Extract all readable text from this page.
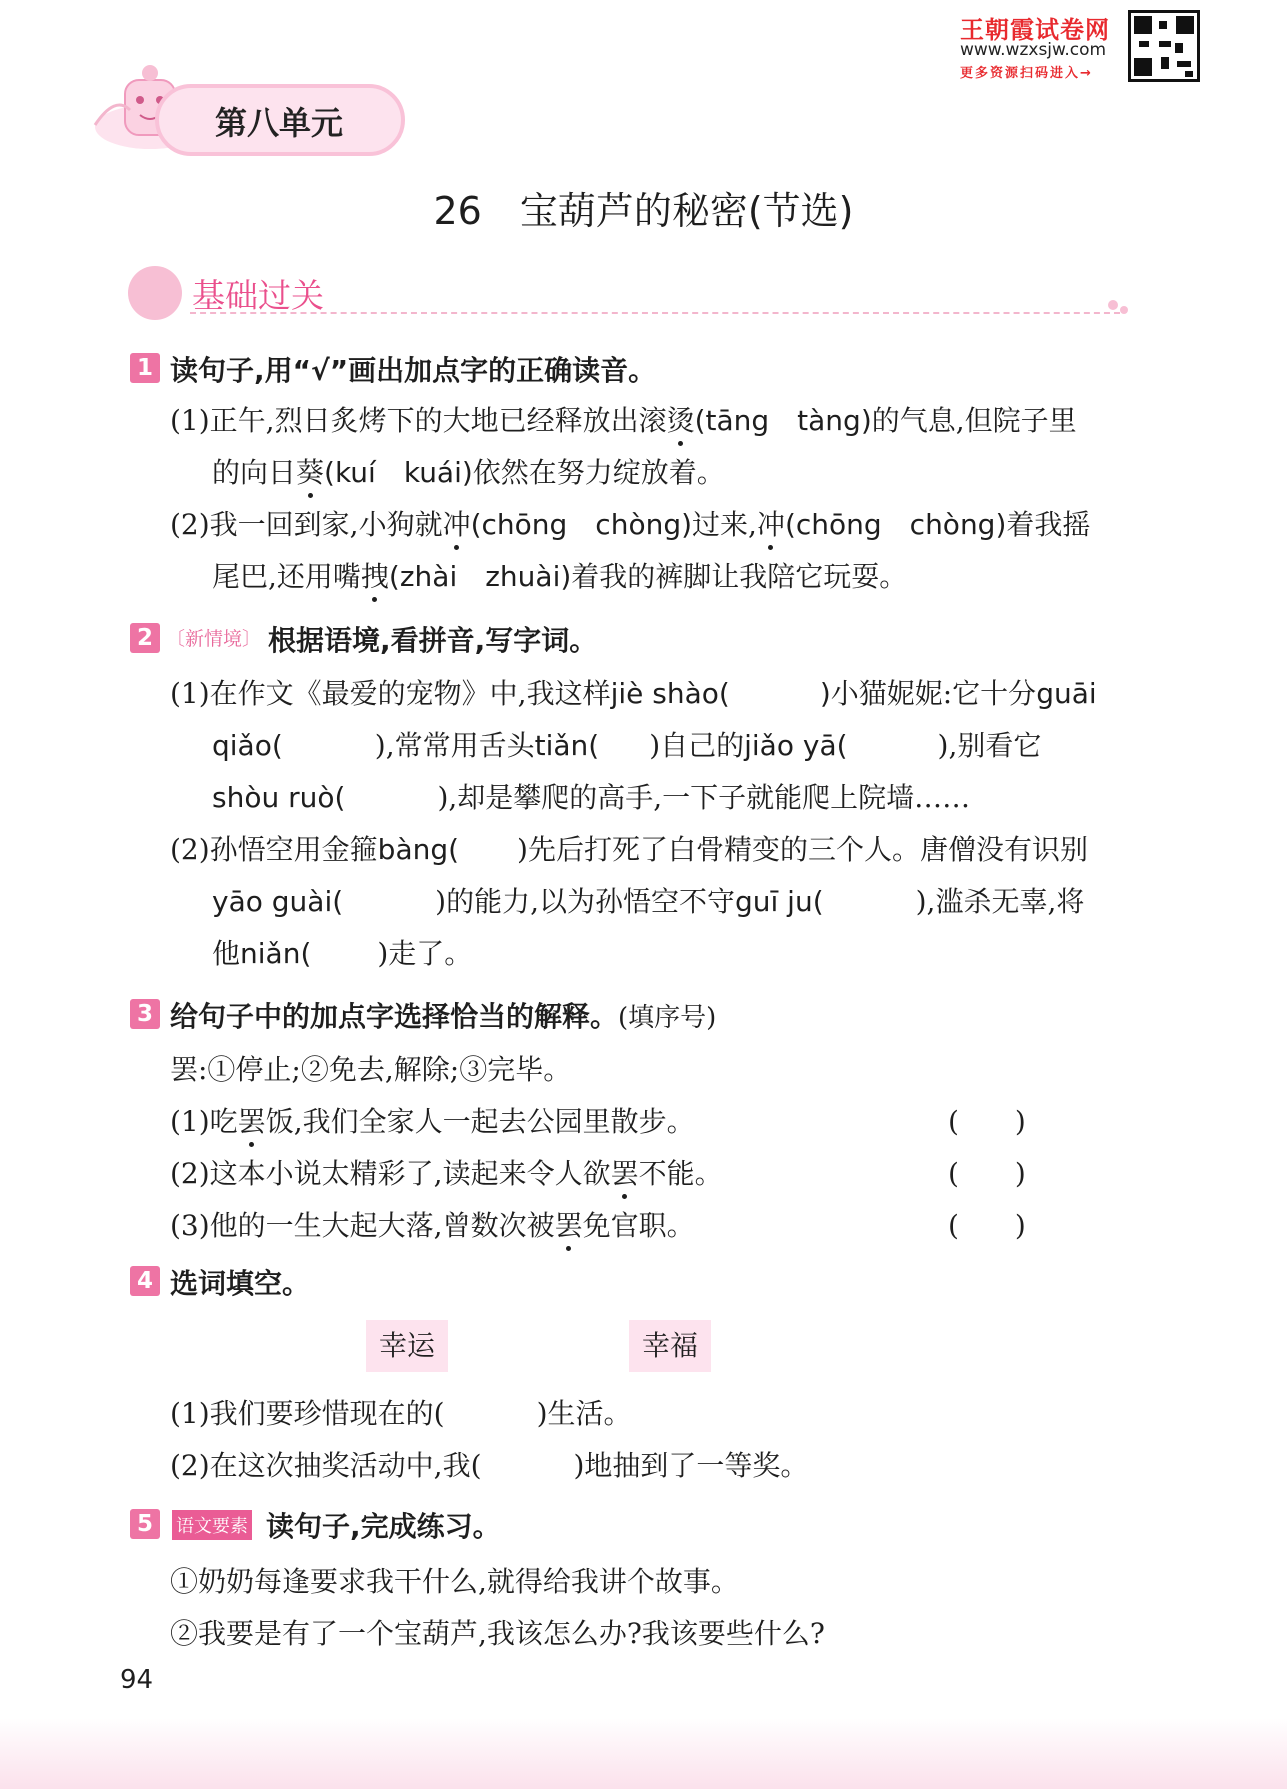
王朝霞试卷网
www.wzxsjw.com
更多资源扫码进入→
第八单元
26　宝葫芦的秘密(节选)
基础过关
1 读句子,用“√”画出加点字的正确读音。
(1)正午,烈日炙烤下的大地已经释放出滚烫(tāng　tàng)的气息,但院子里
的向日葵(kuí　kuái)依然在努力绽放着。
(2)我一回到家,小狗就冲(chōng　chòng)过来,冲(chōng　chòng)着我摇
尾巴,还用嘴拽(zhài　zhuài)着我的裤脚让我陪它玩耍。
2 〔新情境〕 根据语境,看拼音,写字词。
(1)在作文《最爱的宠物》中,我这样jiè shào(	)小猫妮妮:它十分guāi
qiǎo(	),常常用舌头tiǎn( )自己的jiǎo yā(	),别看它
shòu ruò(	),却是攀爬的高手,一下子就能爬上院墙……
(2)孙悟空用金箍bàng( )先后打死了白骨精变的三个人。唐僧没有识别
yāo guài(	)的能力,以为孙悟空不守guī ju(	),滥杀无辜,将
他niǎn( )走了。
3 给句子中的加点字选择恰当的解释。(填序号)
罢:①停止;②免去,解除;③完毕。
(1)吃罢饭,我们全家人一起去公园里散步。	(　　)
(2)这本小说太精彩了,读起来令人欲罢不能。	(　　)
(3)他的一生大起大落,曾数次被罢免官职。	(　　)
4 选词填空。
幸运	幸福
(1)我们要珍惜现在的(	)生活。
(2)在这次抽奖活动中,我(	)地抽到了一等奖。
5	语文要素 读句子,完成练习。
①奶奶每逢要求我干什么,就得给我讲个故事。
②我要是有了一个宝葫芦,我该怎么办?我该要些什么?
94
